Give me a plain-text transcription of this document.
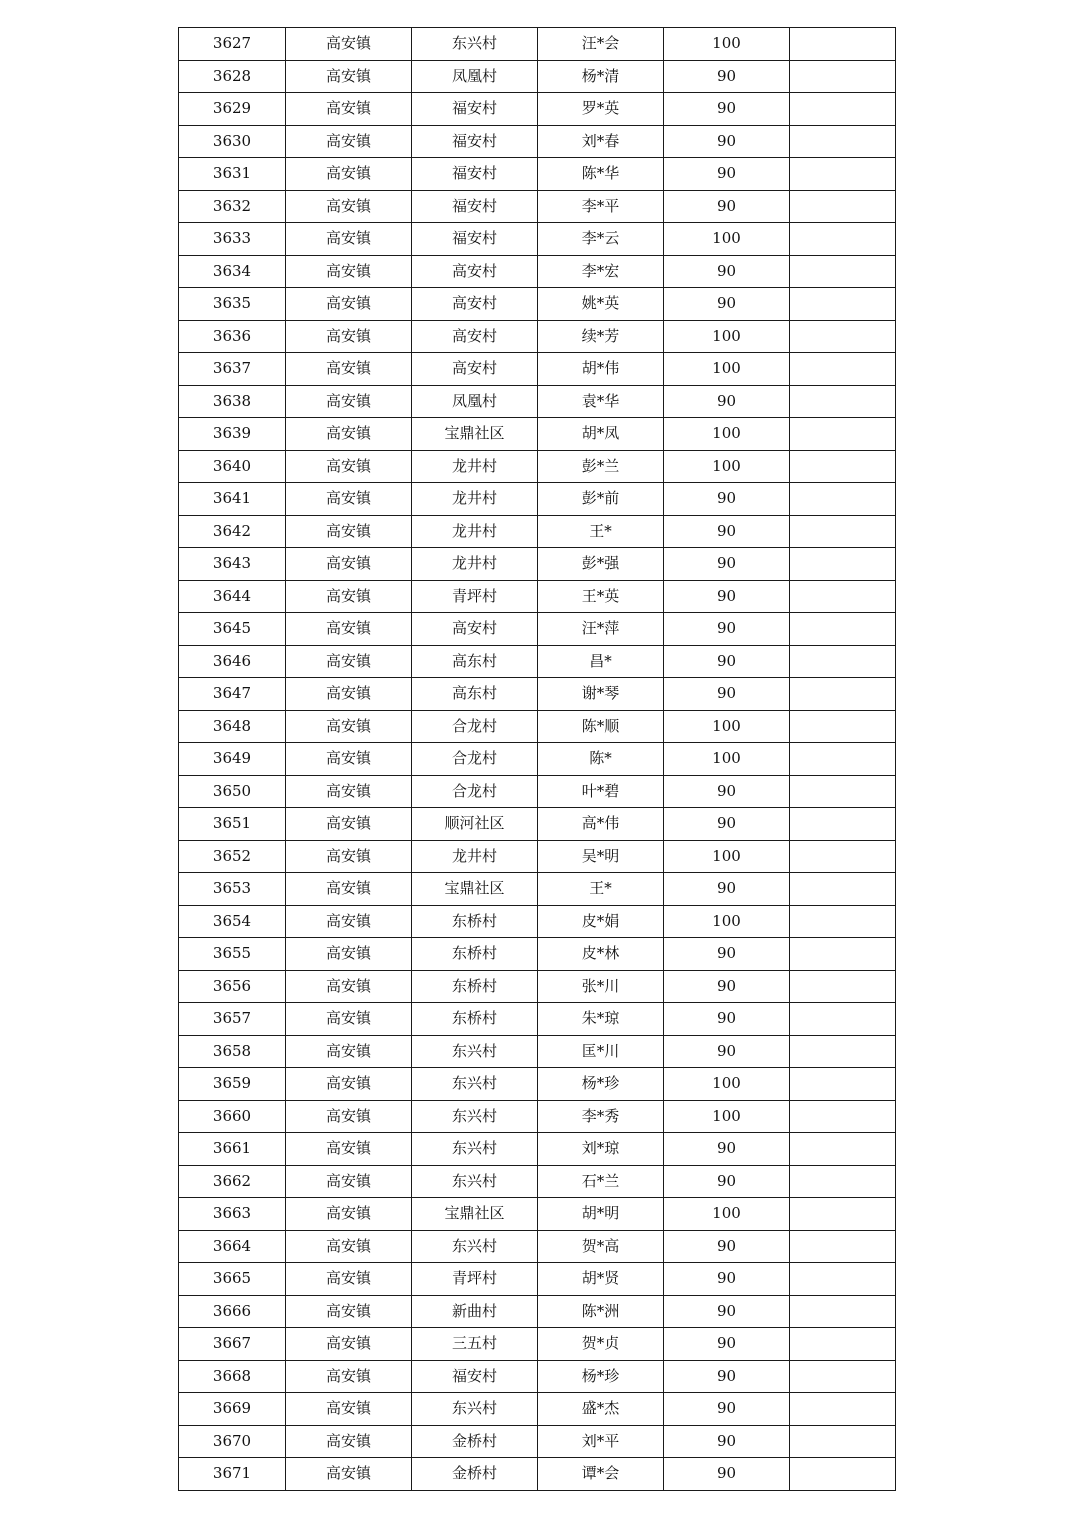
3627	高安镇	东兴村	汪*会	100	
3628	高安镇	凤凰村	杨*清	90	
3629	高安镇	福安村	罗*英	90	
3630	高安镇	福安村	刘*春	90	
3631	高安镇	福安村	陈*华	90	
3632	高安镇	福安村	李*平	90	
3633	高安镇	福安村	李*云	100	
3634	高安镇	高安村	李*宏	90	
3635	高安镇	高安村	姚*英	90	
3636	高安镇	高安村	续*芳	100	
3637	高安镇	高安村	胡*伟	100	
3638	高安镇	凤凰村	袁*华	90	
3639	高安镇	宝鼎社区	胡*凤	100	
3640	高安镇	龙井村	彭*兰	100	
3641	高安镇	龙井村	彭*前	90	
3642	高安镇	龙井村	王*	90	
3643	高安镇	龙井村	彭*强	90	
3644	高安镇	青坪村	王*英	90	
3645	高安镇	高安村	汪*萍	90	
3646	高安镇	高东村	昌*	90	
3647	高安镇	高东村	谢*琴	90	
3648	高安镇	合龙村	陈*顺	100	
3649	高安镇	合龙村	陈*	100	
3650	高安镇	合龙村	叶*碧	90	
3651	高安镇	顺河社区	高*伟	90	
3652	高安镇	龙井村	吴*明	100	
3653	高安镇	宝鼎社区	王*	90	
3654	高安镇	东桥村	皮*娟	100	
3655	高安镇	东桥村	皮*林	90	
3656	高安镇	东桥村	张*川	90	
3657	高安镇	东桥村	朱*琼	90	
3658	高安镇	东兴村	匡*川	90	
3659	高安镇	东兴村	杨*珍	100	
3660	高安镇	东兴村	李*秀	100	
3661	高安镇	东兴村	刘*琼	90	
3662	高安镇	东兴村	石*兰	90	
3663	高安镇	宝鼎社区	胡*明	100	
3664	高安镇	东兴村	贺*高	90	
3665	高安镇	青坪村	胡*贤	90	
3666	高安镇	新曲村	陈*洲	90	
3667	高安镇	三五村	贺*贞	90	
3668	高安镇	福安村	杨*珍	90	
3669	高安镇	东兴村	盛*杰	90	
3670	高安镇	金桥村	刘*平	90	
3671	高安镇	金桥村	谭*会	90	
